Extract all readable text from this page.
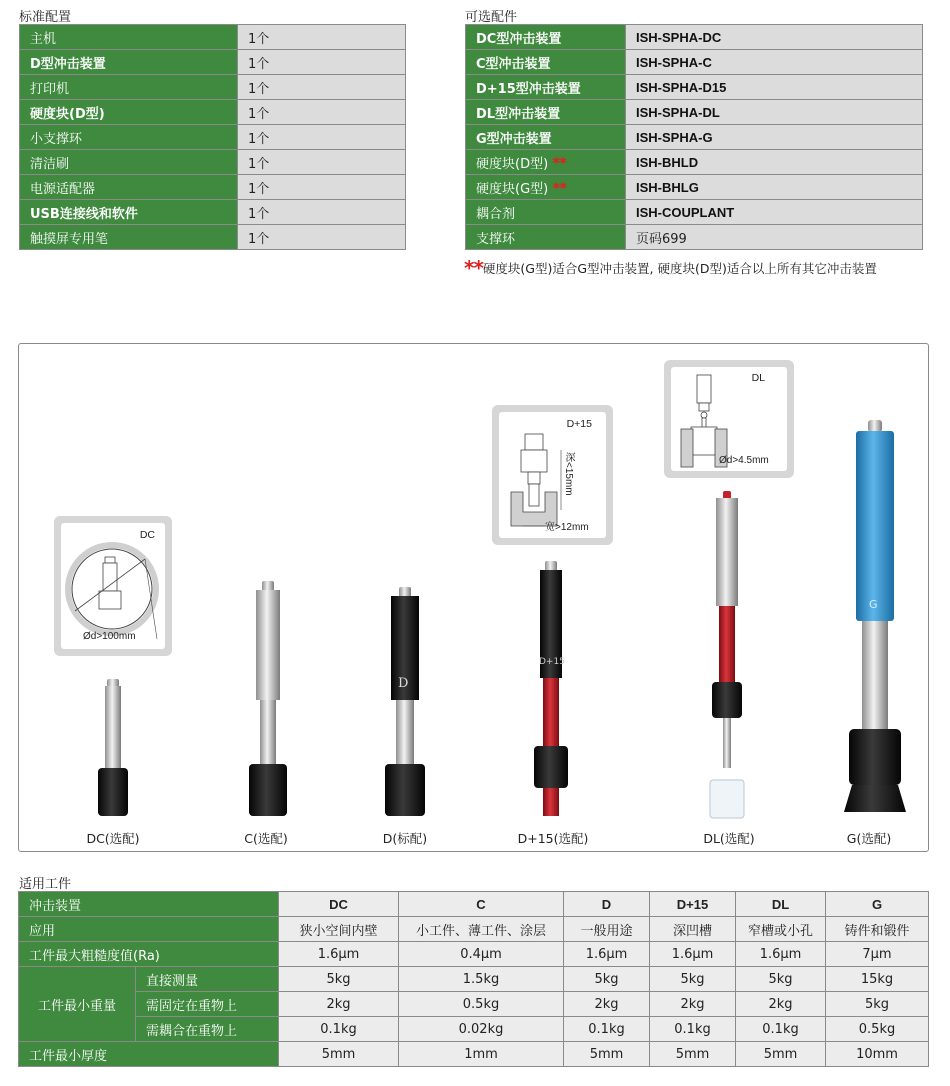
标准配置
主机	1个
D型冲击装置	1个
打印机	1个
硬度块(D型)	1个
小支撑环	1个
清洁刷	1个
电源适配器	1个
USB连接线和软件	1个
触摸屏专用笔	1个
可选配件
DC型冲击装置	ISH-SPHA-DC
C型冲击装置	ISH-SPHA-C
D+15型冲击装置	ISH-SPHA-D15
DL型冲击装置	ISH-SPHA-DL
G型冲击装置	ISH-SPHA-G
硬度块(D型) **	ISH-BHLD
硬度块(G型) **	ISH-BHLG
耦合剂	ISH-COUPLANT
支撑环	页码699
**硬度块(G型)适合G型冲击装置, 硬度块(D型)适合以上所有其它冲击装置
DC
Ød>100mm
D+15
深<15mm
宽>12mm
DL
Ød>4.5mm
D
D+15
G
DC(选配)	C(选配)	D(标配)	D+15(选配)	DL(选配)	G(选配)
适用工件
冲击装置		DC	C	D	D+15	DL	G
应用		狭小空间内壁	小工件、薄工件、涂层	一般用途	深凹槽	窄槽或小孔	铸件和锻件
工件最大粗糙度值(Ra)		1.6μm	0.4μm	1.6μm	1.6μm	1.6μm	7μm
工件最小重量	直接测量	5kg	1.5kg	5kg	5kg	5kg	15kg
	需固定在重物上	2kg	0.5kg	2kg	2kg	2kg	5kg
	需耦合在重物上	0.1kg	0.02kg	0.1kg	0.1kg	0.1kg	0.5kg
工件最小厚度		5mm	1mm	5mm	5mm	5mm	10mm
